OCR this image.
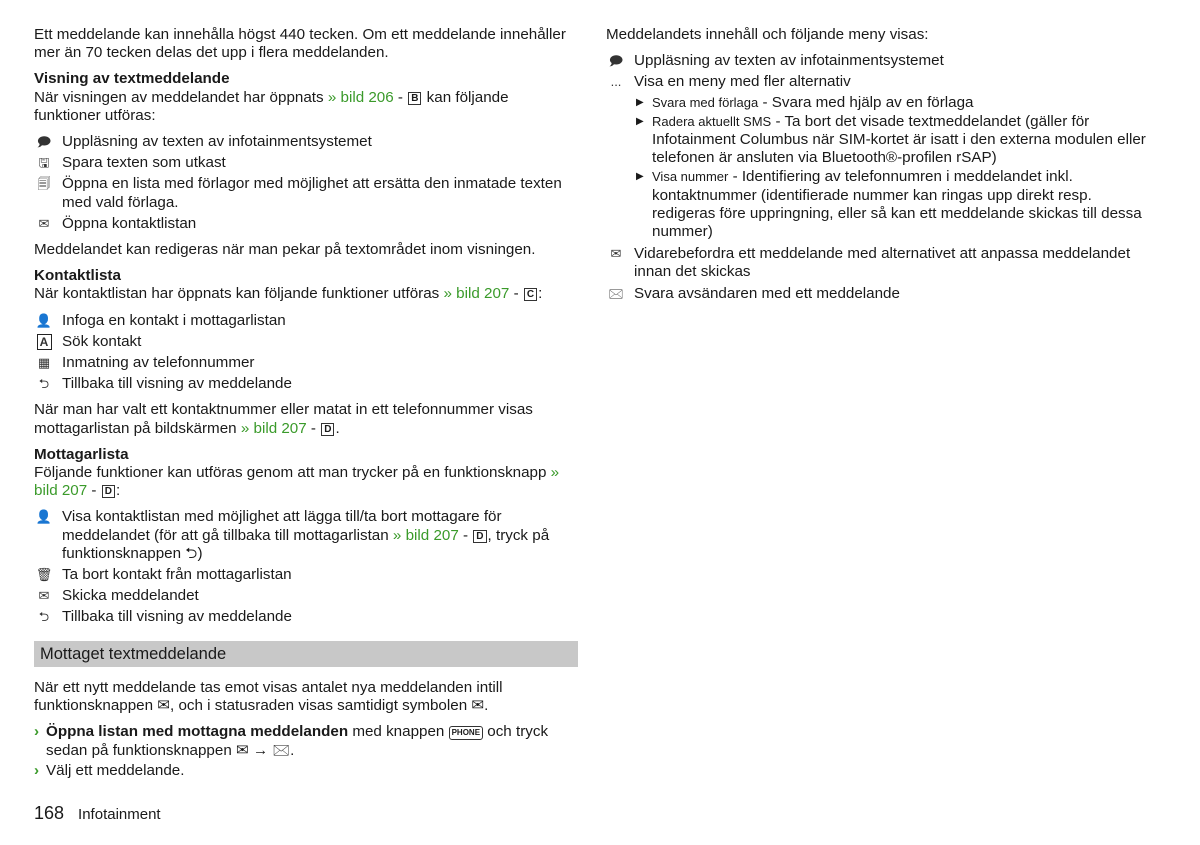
Ett meddelande kan innehålla högst 440 tecken. Om ett meddelande innehåller mer än 70 tecken delas det upp i flera meddelanden.

Visning av textmeddelande

När visningen av meddelandet har öppnats » bild 206 - B kan följande funktioner utföras:

🗩 Uppläsning av texten av infotainmentsystemet
🖫 Spara texten som utkast
🗐 Öppna en lista med förlagor med möjlighet att ersätta den inmatade texten med vald förlaga.
✉ Öppna kontaktlistan

Meddelandet kan redigeras när man pekar på textområdet inom visningen.

Kontaktlista

När kontaktlistan har öppnats kan följande funktioner utföras » bild 207 - C :

👤 Infoga en kontakt i mottagarlistan
A Sök kontakt
▦ Inmatning av telefonnummer
⮌ Tillbaka till visning av meddelande

När man har valt ett kontaktnummer eller matat in ett telefonnummer visas mottagarlistan på bildskärmen » bild 207 - D .

Mottagarlista

Följande funktioner kan utföras genom att man trycker på en funktionsknapp » bild 207 - D :

👤 Visa kontaktlistan med möjlighet att lägga till/ta bort mottagare för meddelandet (för att gå tillbaka till mottagarlistan » bild 207 - D , tryck på funktionsknappen ⮌)
🗑 Ta bort kontakt från mottagarlistan
✉ Skicka meddelandet
⮌ Tillbaka till visning av meddelande
Mottaget textmeddelande

När ett nytt meddelande tas emot visas antalet nya meddelanden intill funktionsknappen ✉, och i statusraden visas samtidigt symbolen ✉.

› Öppna listan med mottagna meddelanden med knappen PHONE och tryck sedan på funktionsknappen ✉ → 🖂.
› Välj ett meddelande.

Meddelandets innehåll och följande meny visas:

🗩 Uppläsning av texten av infotainmentsystemet
... Visa en meny med fler alternativ
▶ Svara med förlaga - Svara med hjälp av en förlaga
▶ Radera aktuellt SMS - Ta bort det visade textmeddelandet (gäller för Infotainment Columbus när SIM-kortet är isatt i den externa modulen eller telefonen är ansluten via Bluetooth®-profilen rSAP)
▶ Visa nummer - Identifiering av telefonnumren i meddelandet inkl. kontaktnummer (identifierade nummer kan ringas upp direkt resp. redigeras före uppringning, eller så kan ett meddelande skickas till dessa nummer)
✉ Vidarebefordra ett meddelande med alternativet att anpassa meddelandet innan det skickas
🖂 Svara avsändaren med ett meddelande
168 Infotainment
